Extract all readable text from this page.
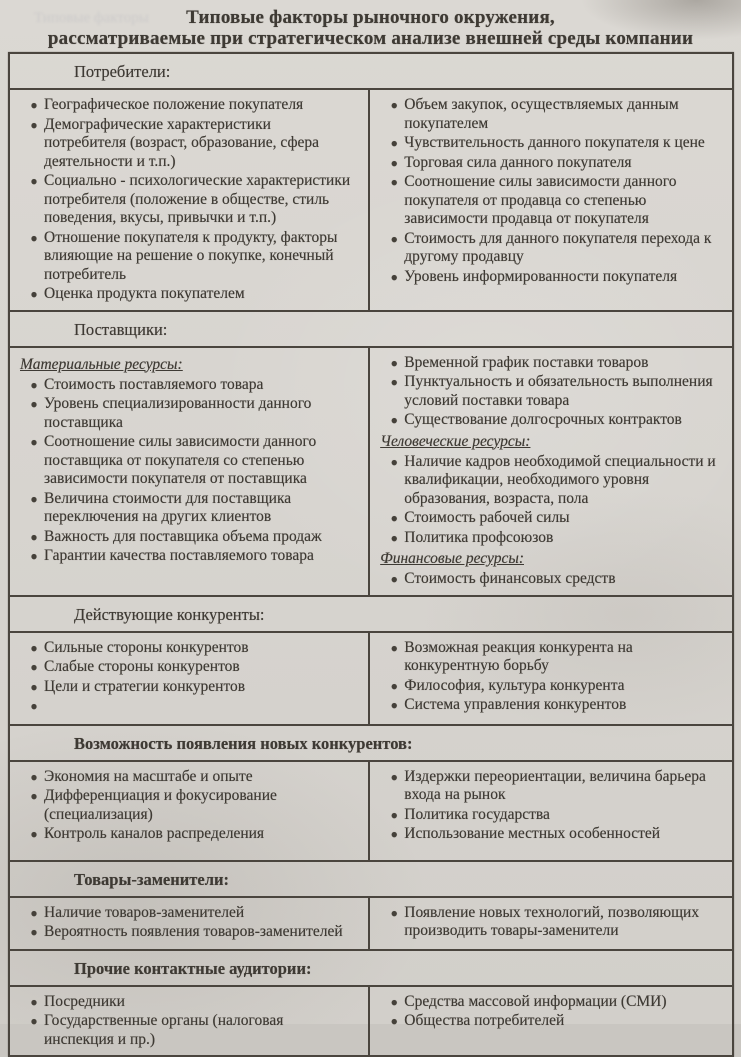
Типовые факторы	Типовые факторы рыночного окружения,
рассматриваемые при стратегическом анализе внешней среды компании
Потребители:
● Географическое положение покупателя
● Демографические характеристики потребителя (возраст, образование, сфера деятельности и т.п.)
● Социально - психологические характеристики потребителя (положение в обществе, стиль поведения, вкусы, привычки и т.п.)
● Отношение покупателя к продукту, факторы влияющие на решение о покупке, конечный потребитель
● Оценка продукта покупателем
● Объем закупок, осуществляемых данным покупателем
● Чувствительность данного покупателя к цене
● Торговая сила данного покупателя
● Соотношение силы зависимости данного покупателя от продавца со степенью зависимости продавца от покупателя
● Стоимость для данного покупателя перехода к другому продавцу
● Уровень информированности покупателя
Поставщики:
Материальные ресурсы:
● Стоимость поставляемого товара
● Уровень специализированности данного поставщика
● Соотношение силы зависимости данного поставщика от покупателя со степенью зависимости покупателя от поставщика
● Величина стоимости для поставщика переключения на других клиентов
● Важность для поставщика объема продаж
● Гарантии качества поставляемого товара
● Временной график поставки товаров
● Пунктуальность и обязательность выполнения условий поставки товара
● Существование долгосрочных контрактов
Человеческие ресурсы:
● Наличие кадров необходимой специальности и квалификации, необходимого уровня образования, возраста, пола
● Стоимость рабочей силы
● Политика профсоюзов
Финансовые ресурсы:
● Стоимость финансовых средств
Действующие конкуренты:
● Сильные стороны конкурентов
● Слабые стороны конкурентов
● Цели и стратегии конкурентов
●
● Возможная реакция конкурента на конкурентную борьбу
● Философия, культура конкурента
● Система управления конкурентов
Возможность появления новых конкурентов:
● Экономия на масштабе и опыте
● Дифференциация и фокусирование (специализация)
● Контроль каналов распределения
● Издержки переориентации, величина барьера входа на рынок
● Политика государства
● Использование местных особенностей
Товары-заменители:
● Наличие товаров-заменителей
● Вероятность появления товаров-заменителей
● Появление новых технологий, позволяющих производить товары-заменители
Прочие контактные аудитории:
● Посредники
● Государственные органы (налоговая инспекция и пр.)
● Средства массовой информации (СМИ)
● Общества потребителей
